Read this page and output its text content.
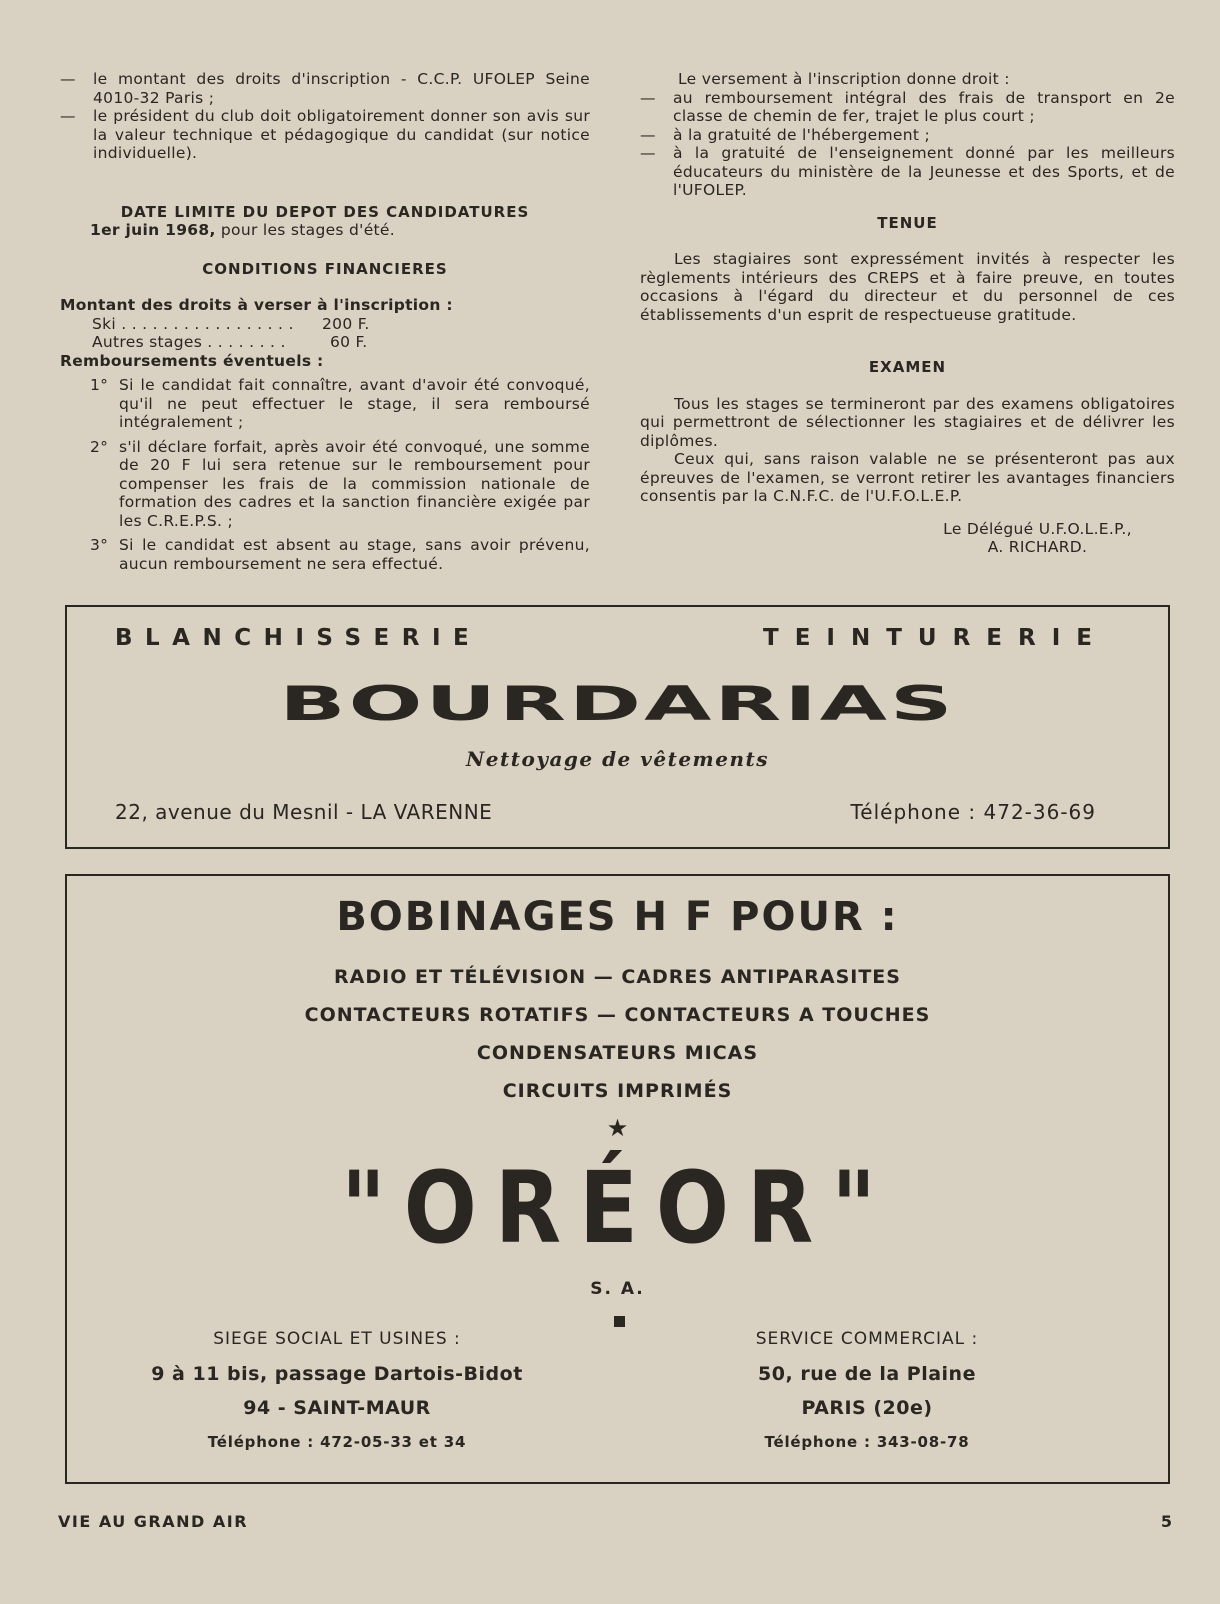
—	le montant des droits d'inscription - C.C.P. UFOLEP Seine 4010-32 Paris ;
—	le président du club doit obligatoirement donner son avis sur la valeur technique et pédagogique du candidat (sur notice individuelle).
DATE LIMITE DU DEPOT DES CANDIDATURES
1er juin 1968, pour les stages d'été.
CONDITIONS FINANCIERES
Montant des droits à verser à l'inscription :
Ski . . . . . . . . . . . . . . . . .	200 F.
Autres stages . . . . . . . .	60 F.
Remboursements éventuels :
1° Si le candidat fait connaître, avant d'avoir été convoqué, qu'il ne peut effectuer le stage, il sera remboursé intégralement ;
2° s'il déclare forfait, après avoir été convoqué, une somme de 20 F lui sera retenue sur le remboursement pour compenser les frais de la commission nationale de formation des cadres et la sanction financière exigée par les C.R.E.P.S. ;
3° Si le candidat est absent au stage, sans avoir prévenu, aucun remboursement ne sera effectué.
Le versement à l'inscription donne droit :
—	au remboursement intégral des frais de transport en 2e classe de chemin de fer, trajet le plus court ;
—	à la gratuité de l'hébergement ;
—	à la gratuité de l'enseignement donné par les meilleurs éducateurs du ministère de la Jeunesse et des Sports, et de l'UFOLEP.
TENUE
Les stagiaires sont expressément invités à respecter les règlements intérieurs des CREPS et à faire preuve, en toutes occasions à l'égard du directeur et du personnel de ces établissements d'un esprit de respectueuse gratitude.
EXAMEN
Tous les stages se termineront par des examens obligatoires qui permettront de sélectionner les stagiaires et de délivrer les diplômes.
Ceux qui, sans raison valable ne se présenteront pas aux épreuves de l'examen, se verront retirer les avantages financiers consentis par la C.N.F.C. de l'U.F.O.L.E.P.
Le Délégué U.F.O.L.E.P.,
A. RICHARD.
BLANCHISSERIE	TEINTURERIE
BOURDARIAS
Nettoyage de vêtements
22, avenue du Mesnil - LA VARENNE	Téléphone : 472-36-69
BOBINAGES H F POUR :
RADIO ET TÉLÉVISION — CADRES ANTIPARASITES
CONTACTEURS ROTATIFS — CONTACTEURS A TOUCHES
CONDENSATEURS MICAS
CIRCUITS IMPRIMÉS
★
"ORÉOR"
S. A.
SIEGE SOCIAL ET USINES :
9 à 11 bis, passage Dartois-Bidot
94 - SAINT-MAUR
Téléphone : 472-05-33 et 34
SERVICE COMMERCIAL :
50, rue de la Plaine
PARIS (20e)
Téléphone : 343-08-78
VIE AU GRAND AIR	5
